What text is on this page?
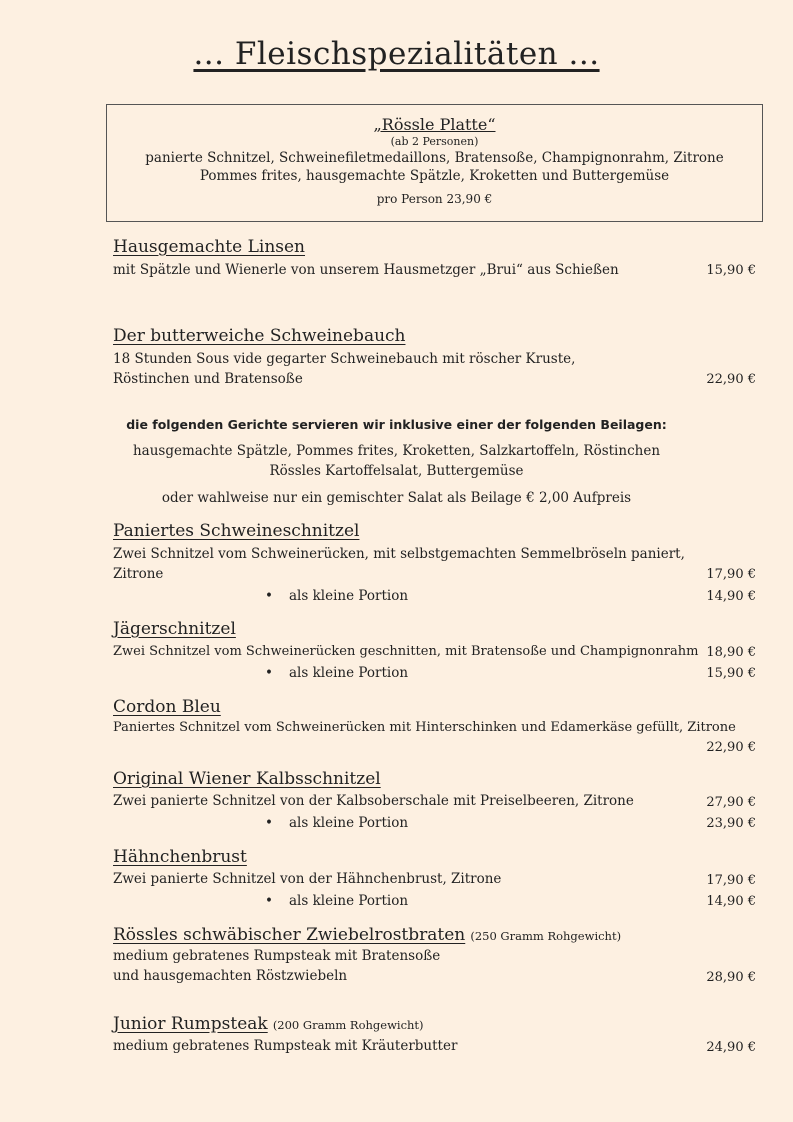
... Fleischspezialitäten ...
„Rössle Platte“
(ab 2 Personen)
panierte Schnitzel, Schweinefiletmedaillons, Bratensoße, Champignonrahm, Zitrone
Pommes frites, hausgemachte Spätzle, Kroketten und Buttergemüse
pro Person 23,90 €
Hausgemachte Linsen
mit Spätzle und Wienerle von unserem Hausmetzger „Brui“ aus Schießen	15,90 €
Der butterweiche Schweinebauch
18 Stunden Sous vide gegarter Schweinebauch mit röscher Kruste,
Röstinchen und Bratensoße	22,90 €
die folgenden Gerichte servieren wir inklusive einer der folgenden Beilagen:
hausgemachte Spätzle, Pommes frites, Kroketten, Salzkartoffeln, Röstinchen
Rössles Kartoffelsalat, Buttergemüse
oder wahlweise nur ein gemischter Salat als Beilage € 2,00 Aufpreis
Paniertes Schweineschnitzel
Zwei Schnitzel vom Schweinerücken, mit selbstgemachten Semmelbröseln paniert,
Zitrone	17,90 €
• als kleine Portion	14,90 €
Jägerschnitzel
Zwei Schnitzel vom Schweinerücken geschnitten, mit Bratensoße und Champignonrahm 18,90 €
• als kleine Portion	15,90 €
Cordon Bleu
Paniertes Schnitzel vom Schweinerücken mit Hinterschinken und Edamerkäse gefüllt, Zitrone
22,90 €
Original Wiener Kalbsschnitzel
Zwei panierte Schnitzel von der Kalbsoberschale mit Preiselbeeren, Zitrone	27,90 €
• als kleine Portion	23,90 €
Hähnchenbrust
Zwei panierte Schnitzel von der Hähnchenbrust, Zitrone	17,90 €
• als kleine Portion	14,90 €
Rössles schwäbischer Zwiebelrostbraten (250 Gramm Rohgewicht)
medium gebratenes Rumpsteak mit Bratensoße
und hausgemachten Röstzwiebeln	28,90 €
Junior Rumpsteak (200 Gramm Rohgewicht)
medium gebratenes Rumpsteak mit Kräuterbutter	24,90 €
